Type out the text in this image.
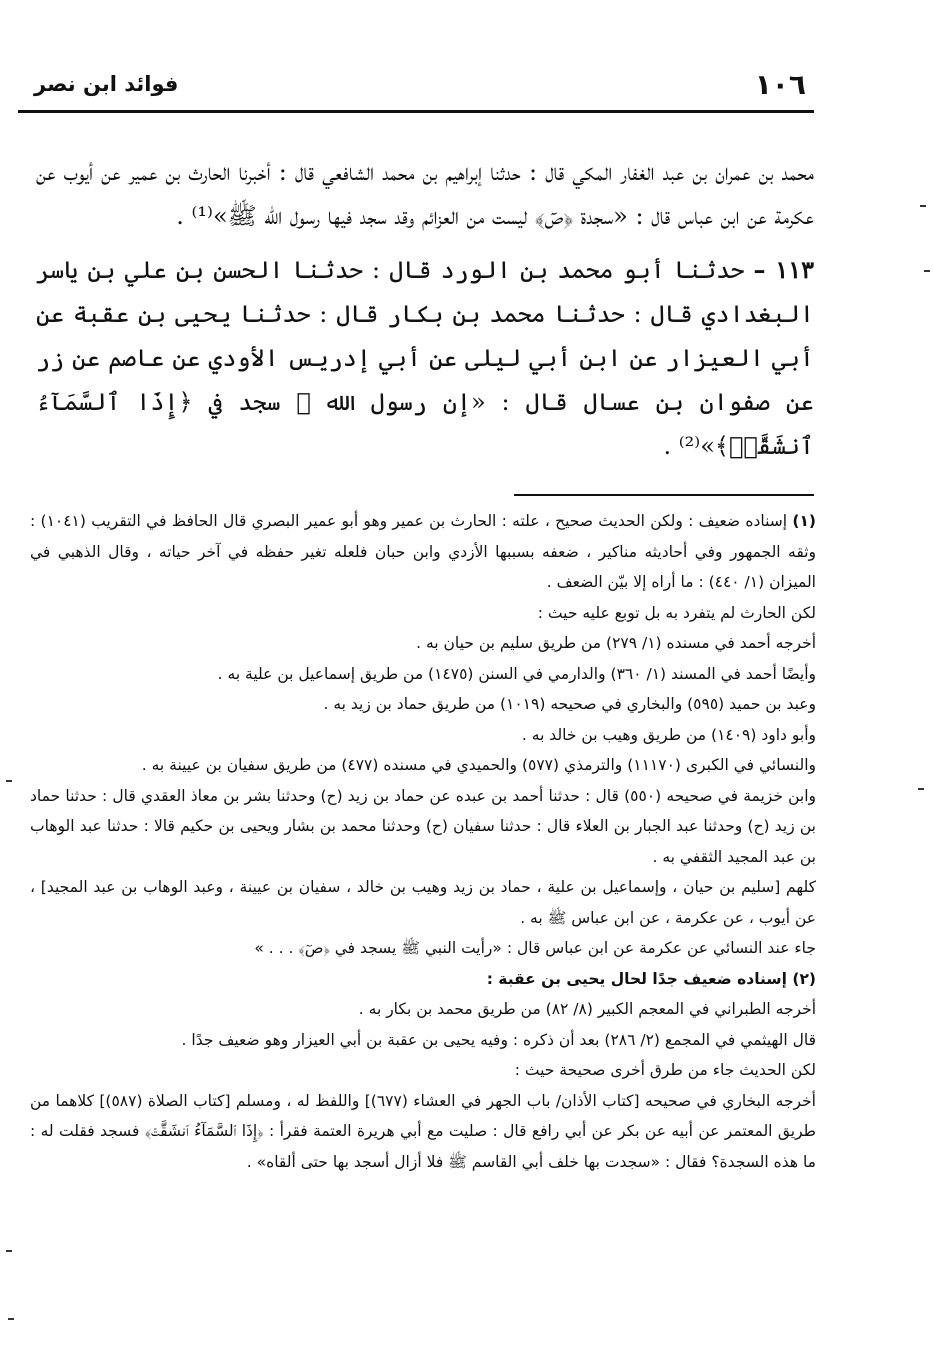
١٠٦
فوائد ابن نصر

محمد بن عمران بن عبد الغفار المكي قال : حدثنا إبراهيم بن محمد الشافعي قال : أخبرنا الحارث بن عمير عن أيوب عن عكرمة عن ابن عباس قال : «سجدة ﴿صٓ﴾ ليست من العزائم وقد سجد فيها رسول الله ﷺ»⁽¹⁾ .

١١٣ – حدثنا أبو محمد بن الورد قال : حدثنا الحسن بن علي بن ياسر البغدادي قال : حدثنا محمد بن بكار قال : حدثنا يحيى بن عقبة عن أبي العيزار عن ابن أبي ليلى عن أبي إدريس الأودي عن عاصم عن زر عن صفوان بن عسال قال : «إن رسول الله ﷺ سجد في ﴿إِذَا ٱلسَّمَآءُ ٱنشَقَّتۡ﴾»⁽²⁾ .

(١) إسناده ضعيف : ولكن الحديث صحيح ، علته : الحارث بن عمير وهو أبو عمير البصري قال الحافظ في التقريب (١٠٤١) : وثقه الجمهور وفي أحاديثه مناكير ، ضعفه بسببها الأزدي وابن حبان فلعله تغير حفظه في آخر حياته ، وقال الذهبي في الميزان (١/ ٤٤٠) : ما أراه إلا بيّن الضعف .

لكن الحارث لم يتفرد به بل توبع عليه حيث :

أخرجه أحمد في مسنده (١/ ٢٧٩) من طريق سليم بن حيان به .

وأيضًا أحمد في المسند (١/ ٣٦٠) والدارمي في السنن (١٤٧٥) من طريق إسماعيل بن علية به .

وعبد بن حميد (٥٩٥) والبخاري في صحيحه (١٠١٩) من طريق حماد بن زيد به .

وأبو داود (١٤٠٩) من طريق وهيب بن خالد به .

والنسائي في الكبرى (١١١٧٠) والترمذي (٥٧٧) والحميدي في مسنده (٤٧٧) من طريق سفيان بن عيينة به .

وابن خزيمة في صحيحه (٥٥٠) قال : حدثنا أحمد بن عبده عن حماد بن زيد (ح) وحدثنا بشر بن معاذ العقدي قال : حدثنا حماد بن زيد (ح) وحدثنا عبد الجبار بن العلاء قال : حدثنا سفيان (ح) وحدثنا محمد بن بشار ويحيى بن حكيم قالا : حدثنا عبد الوهاب بن عبد المجيد الثقفي به .

كلهم [سليم بن حيان ، وإسماعيل بن علية ، حماد بن زيد وهيب بن خالد ، سفيان بن عيينة ، وعبد الوهاب بن عبد المجيد] ، عن أيوب ، عن عكرمة ، عن ابن عباس ﷺ به .

جاء عند النسائي عن عكرمة عن ابن عباس قال : «رأيت النبي ﷺ يسجد في ﴿صٓ﴾ . . . »

(٢) إسناده ضعيف جدًا لحال يحيى بن عقبة :

أخرجه الطبراني في المعجم الكبير (٨/ ٨٢) من طريق محمد بن بكار به .

قال الهيثمي في المجمع (٢/ ٢٨٦) بعد أن ذكره : وفيه يحيى بن عقبة بن أبي العيزار وهو ضعيف جدًا .

لكن الحديث جاء من طرق أخرى صحيحة حيث :

أخرجه البخاري في صحيحه [كتاب الأذان/ باب الجهر في العشاء (٦٧٧)] واللفظ له ، ومسلم [كتاب الصلاة (٥٨٧)] كلاهما من طريق المعتمر عن أبيه عن بكر عن أبي رافع قال : صليت مع أبي هريرة العتمة فقرأ : ﴿إِذَا ٱلسَّمَآءُ ٱنشَقَّتۡ﴾ فسجد فقلت له : ما هذه السجدة؟ فقال : «سجدت بها خلف أبي القاسم ﷺ فلا أزال أسجد بها حتى ألقاه» .
